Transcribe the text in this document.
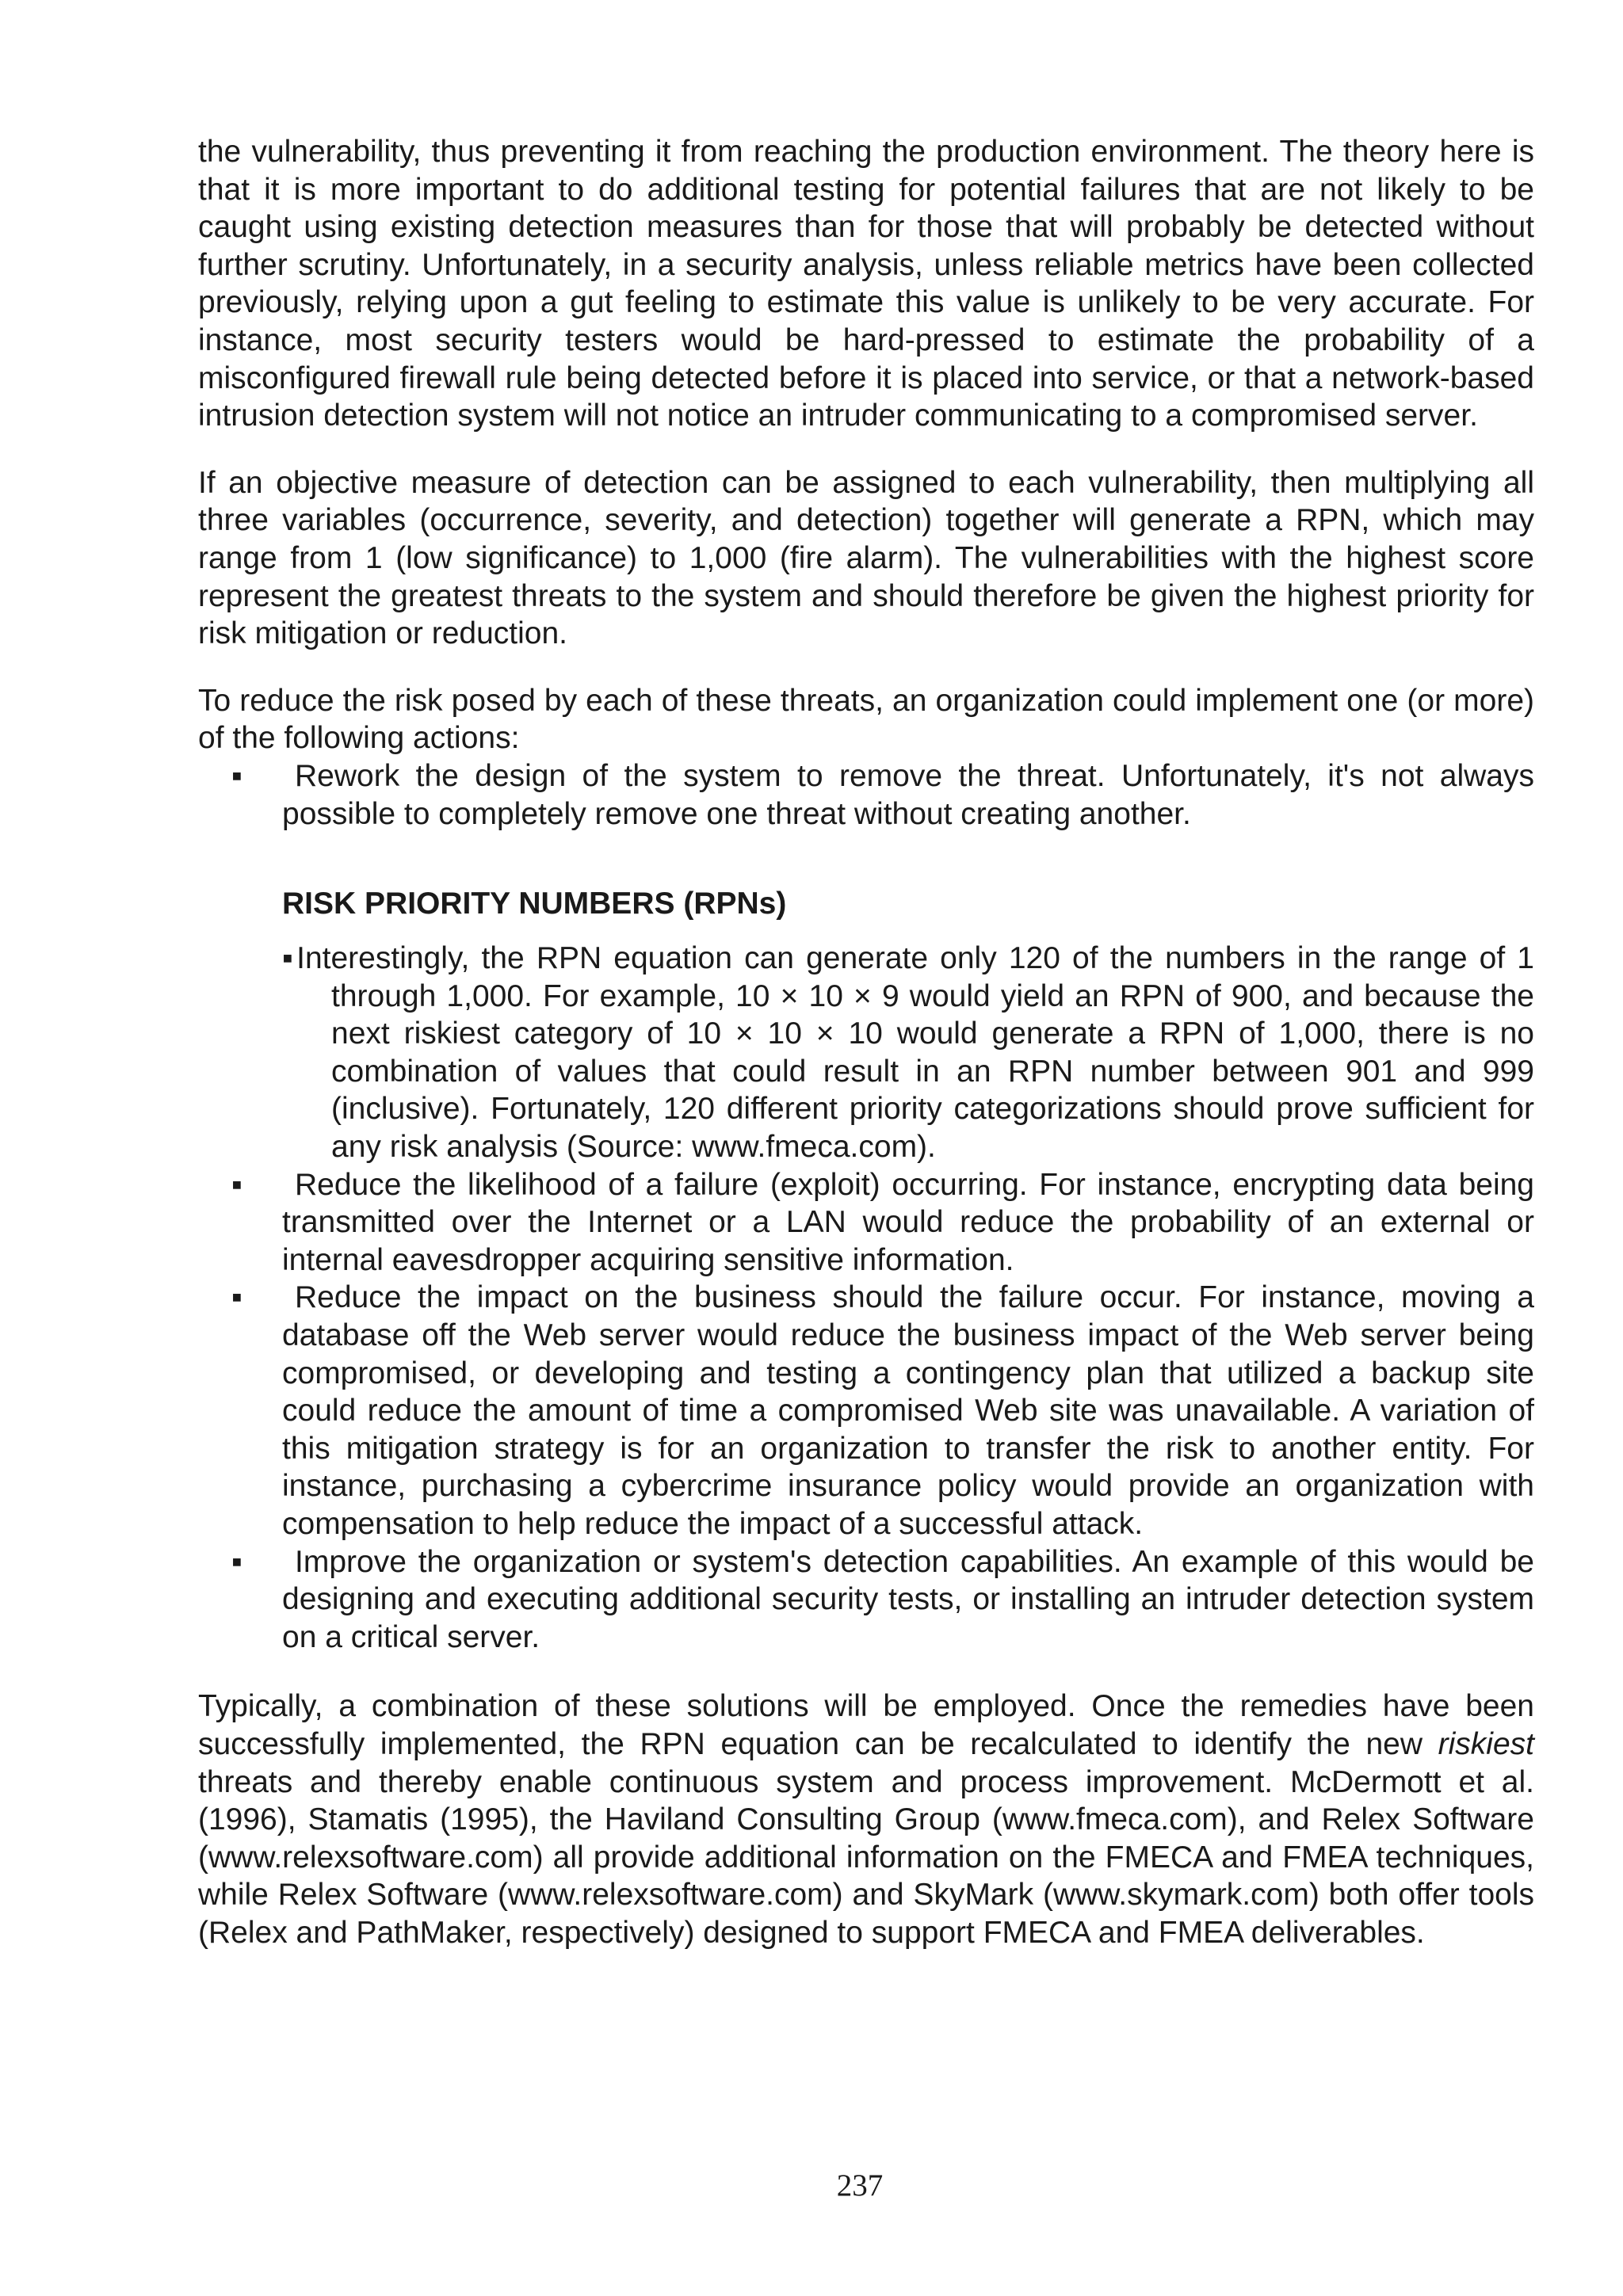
the vulnerability, thus preventing it from reaching the production environment. The theory here is that it is more important to do additional testing for potential failures that are not likely to be caught using existing detection measures than for those that will probably be detected without further scrutiny. Unfortunately, in a security analysis, unless reliable metrics have been collected previously, relying upon a gut feeling to estimate this value is unlikely to be very accurate. For instance, most security testers would be hard-pressed to estimate the probability of a misconfigured firewall rule being detected before it is placed into service, or that a network-based intrusion detection system will not notice an intruder communicating to a compromised server.

If an objective measure of detection can be assigned to each vulnerability, then multiplying all three variables (occurrence, severity, and detection) together will generate a RPN, which may range from 1 (low significance) to 1,000 (fire alarm). The vulnerabilities with the highest score represent the greatest threats to the system and should therefore be given the highest priority for risk mitigation or reduction.

To reduce the risk posed by each of these threats, an organization could implement one (or more) of the following actions:

▪ Rework the design of the system to remove the threat. Unfortunately, it's not always possible to completely remove one threat without creating another.
RISK PRIORITY NUMBERS (RPNs)

▪Interestingly, the RPN equation can generate only 120 of the numbers in the range of 1 through 1,000. For example, 10 × 10 × 9 would yield an RPN of 900, and because the next riskiest category of 10 × 10 × 10 would generate a RPN of 1,000, there is no combination of values that could result in an RPN number between 901 and 999 (inclusive). Fortunately, 120 different priority categorizations should prove sufficient for any risk analysis (Source: www.fmeca.com).

▪ Reduce the likelihood of a failure (exploit) occurring. For instance, encrypting data being transmitted over the Internet or a LAN would reduce the probability of an external or internal eavesdropper acquiring sensitive information.
▪ Reduce the impact on the business should the failure occur. For instance, moving a database off the Web server would reduce the business impact of the Web server being compromised, or developing and testing a contingency plan that utilized a backup site could reduce the amount of time a compromised Web site was unavailable. A variation of this mitigation strategy is for an organization to transfer the risk to another entity. For instance, purchasing a cybercrime insurance policy would provide an organization with compensation to help reduce the impact of a successful attack.
▪ Improve the organization or system's detection capabilities. An example of this would be designing and executing additional security tests, or installing an intruder detection system on a critical server.

Typically, a combination of these solutions will be employed. Once the remedies have been successfully implemented, the RPN equation can be recalculated to identify the new riskiest threats and thereby enable continuous system and process improvement. McDermott et al. (1996), Stamatis (1995), the Haviland Consulting Group (www.fmeca.com), and Relex Software (www.relexsoftware.com) all provide additional information on the FMECA and FMEA techniques, while Relex Software (www.relexsoftware.com) and SkyMark (www.skymark.com) both offer tools (Relex and PathMaker, respectively) designed to support FMECA and FMEA deliverables.

237
